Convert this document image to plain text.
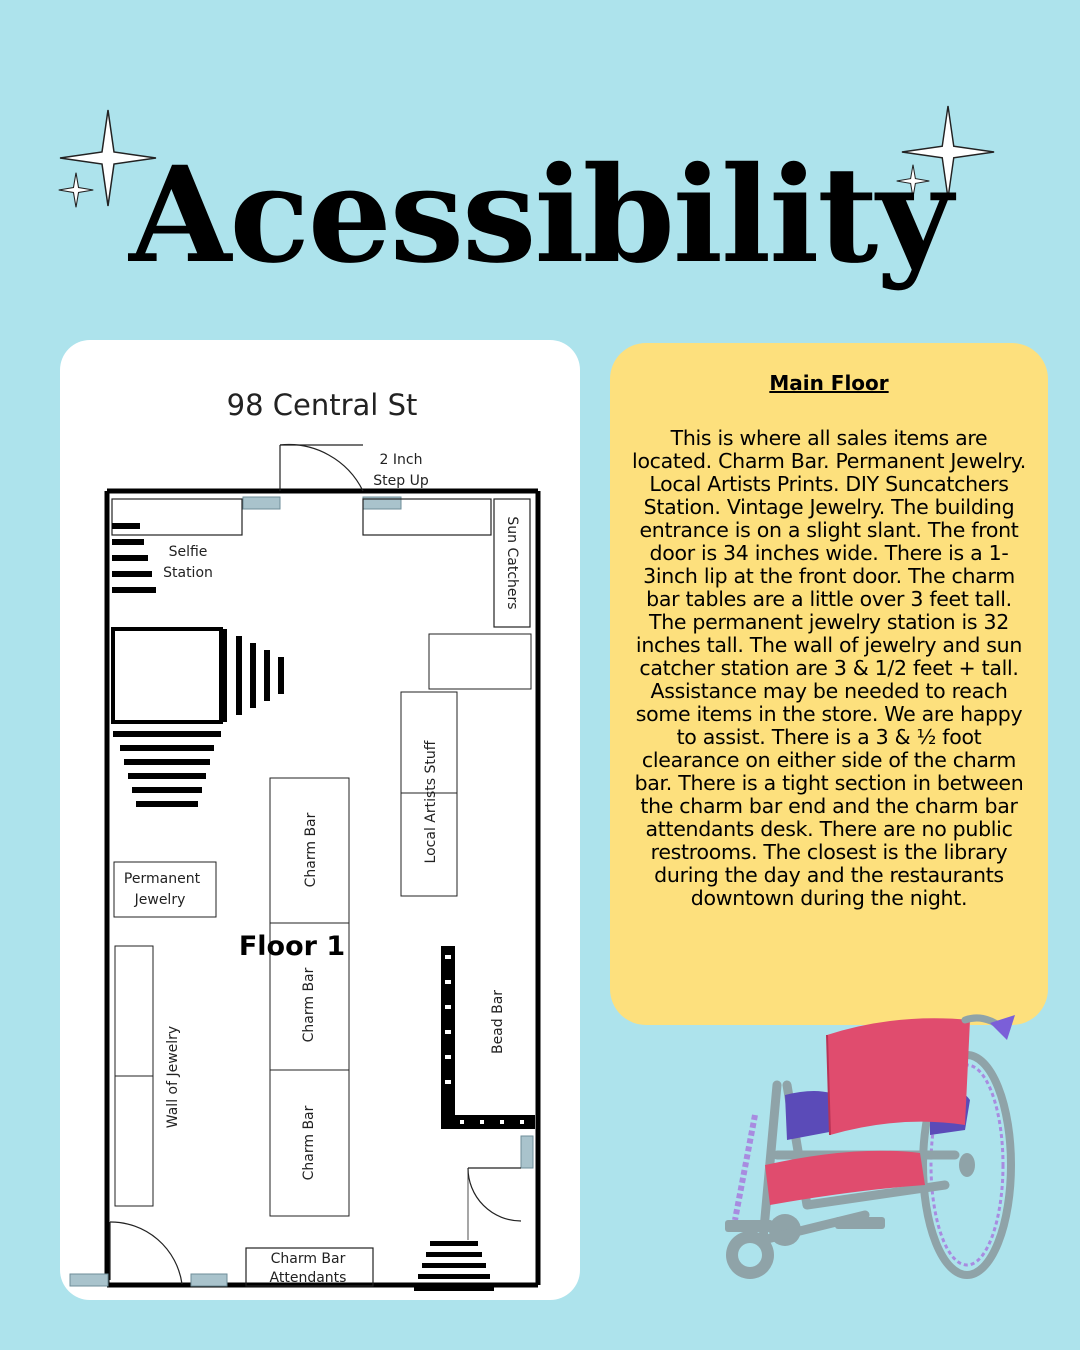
Acessibility
98 Central St
2 Inch
Step Up
Selfie
Station	Sun Catchers
Local Artists Stuff
Charm Bar
Charm Bar
Charm Bar
Floor 1
Permanent
Jewelry
Wall of Jewelry
Bead Bar
Charm Bar
Attendants
Main Floor
This is where all sales items are located. Charm Bar. Permanent Jewelry. Local Artists Prints. DIY Suncatchers Station. Vintage Jewelry. The building entrance is on a slight slant. The front door is 34 inches wide. There is a 1-3inch lip at the front door. The charm bar tables are a little over 3 feet tall. The permanent jewelry station is 32 inches tall. The wall of jewelry and sun catcher station are 3 & 1/2 feet + tall. Assistance may be needed to reach some items in the store. We are happy to assist. There is a 3 & ½ foot clearance on either side of the charm bar. There is a tight section in between the charm bar end and the charm bar attendants desk. There are no public restrooms. The closest is the library during the day and the restaurants downtown during the night.
